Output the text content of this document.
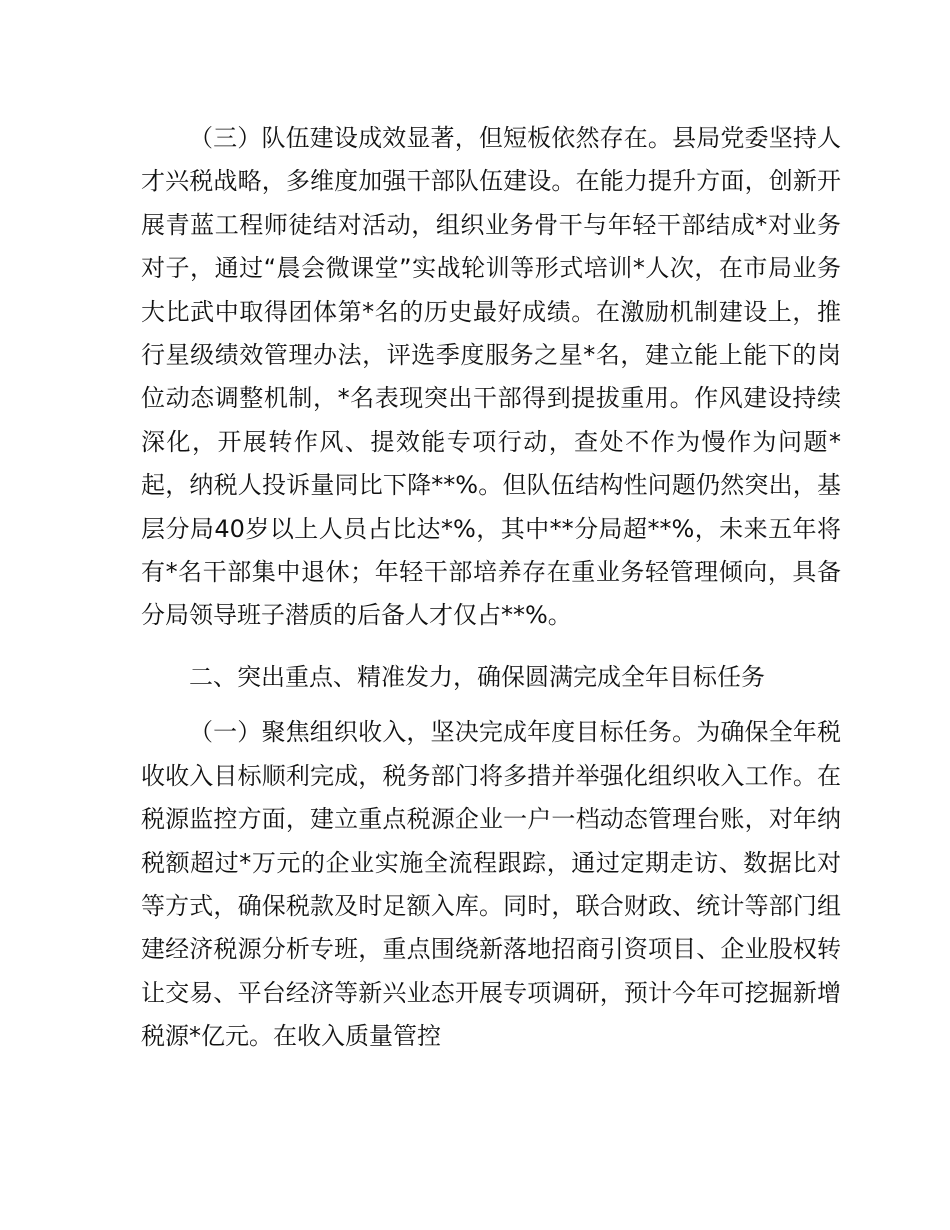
（三）队伍建设成效显著，但短板依然存在。县局党委坚持人才兴税战略，多维度加强干部队伍建设。在能力提升方面，创新开展青蓝工程师徒结对活动，组织业务骨干与年轻干部结成*对业务对子，通过“晨会微课堂”实战轮训等形式培训*人次，在市局业务大比武中取得团体第*名的历史最好成绩。在激励机制建设上，推行星级绩效管理办法，评选季度服务之星*名，建立能上能下的岗位动态调整机制，*名表现突出干部得到提拔重用。作风建设持续深化，开展转作风、提效能专项行动，查处不作为慢作为问题*起，纳税人投诉量同比下降**%。但队伍结构性问题仍然突出，基层分局40岁以上人员占比达*%，其中**分局超**%，未来五年将有*名干部集中退休；年轻干部培养存在重业务轻管理倾向，具备分局领导班子潜质的后备人才仅占**%。

二、突出重点、精准发力，确保圆满完成全年目标任务

（一）聚焦组织收入，坚决完成年度目标任务。为确保全年税收收入目标顺利完成，税务部门将多措并举强化组织收入工作。在税源监控方面，建立重点税源企业一户一档动态管理台账，对年纳税额超过*万元的企业实施全流程跟踪，通过定期走访、数据比对等方式，确保税款及时足额入库。同时，联合财政、统计等部门组建经济税源分析专班，重点围绕新落地招商引资项目、企业股权转让交易、平台经济等新兴业态开展专项调研，预计今年可挖掘新增税源*亿元。在收入质量管控
